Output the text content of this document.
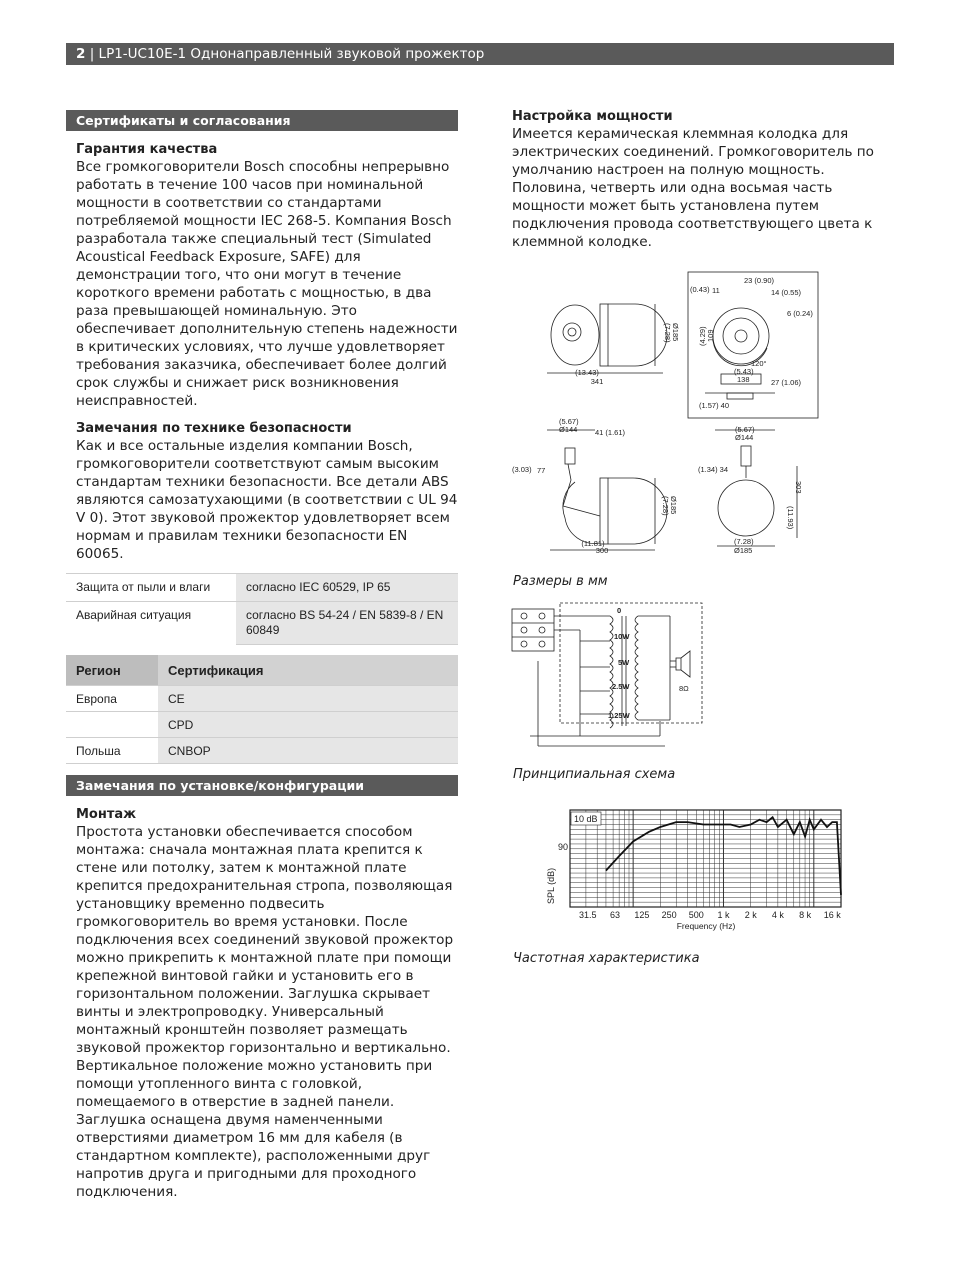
2 | LP1-UC10E-1 Однонаправленный звуковой прожектор
Сертификаты и согласования

Гарантия качества

Все громкоговорители Bosch способны непрерывно работать в течение 100 часов при номинальной мощности в соответствии со стандартами потребляемой мощности IEC 268-5. Компания Bosch разработала также специальный тест (Simulated Acoustical Feedback Exposure, SAFE) для демонстрации того, что они могут в течение короткого времени работать с мощностью, в два раза превышающей номинальную. Это обеспечивает дополнительную степень надежности в критических условиях, что лучше удовлетворяет требования заказчика, обеспечивает более долгий срок службы и снижает риск возникновения неисправностей.

Замечания по технике безопасности

Как и все остальные изделия компании Bosch, громкоговорители соответствуют самым высоким стандартам техники безопасности. Все детали ABS являются самозатухающими (в соответствии с UL 94 V 0). Этот звуковой прожектор удовлетворяет всем нормам и правилам техники безопасности EN 60065.

Защита от пыли и влаги	согласно IEC 60529, IP 65
Аварийная ситуация	согласно BS 54-24 / EN 5839-8 / EN 60849
Регион	Сертификация
Европа	CE
	CPD
Польша	CNBOP
Замечания по установке/конфигурации

Монтаж

Простота установки обеспечивается способом монтажа: сначала монтажная плата крепится к стене или потолку, затем к монтажной плате крепится предохранительная стропа, позволяющая установщику временно подвесить громкоговоритель во время установки. После подключения всех соединений звуковой прожектор можно прикрепить к монтажной плате при помощи крепежной винтовой гайки и установить его в горизонтальном положении. Заглушка скрывает винты и электропроводку. Универсальный монтажный кронштейн позволяет размещать звуковой прожектор горизонтально и вертикально. Вертикальное положение можно установить при помощи утопленного винта с головкой, помещаемого в отверстие в задней панели. Заглушка оснащена двумя наменченными отверстиями диаметром 16 мм для кабеля (в стандартном комплекте), расположенными друг напротив друга и пригодными для проходного подключения.

Настройка мощности

Имеется керамическая клеммная колодка для электрических соединений. Громкоговоритель по умолчанию настроен на полную мощность. Половина, четверть или одна восьмая часть мощности может быть установлена путем подключения провода соответствующего цвета к клеммной колодке.

(13.43)
341
(7.28) Ø185
(0.43) 11
23 (0.90)
14 (0.55)
6 (0.24)
(4.29) 109
120°
(5.43)
138	27 (1.06)
(1.57) 40
(5.67)
Ø144 41 (1.61)
(3.03) 77
(11.81)
300
(7.28) Ø185
(5.67)
Ø144
(1.34) 34
(11.93)
303
(7.28)
Ø185
Размеры в мм
0
10W
5W
2.5W
1.25W
8Ω
Принципиальная схема
10 dB
90
SPL (dB)
Frequency (Hz)
31.5 63 125 250 500 1 k 2 k 4 k 8 k 16 k
Частотная характеристика
